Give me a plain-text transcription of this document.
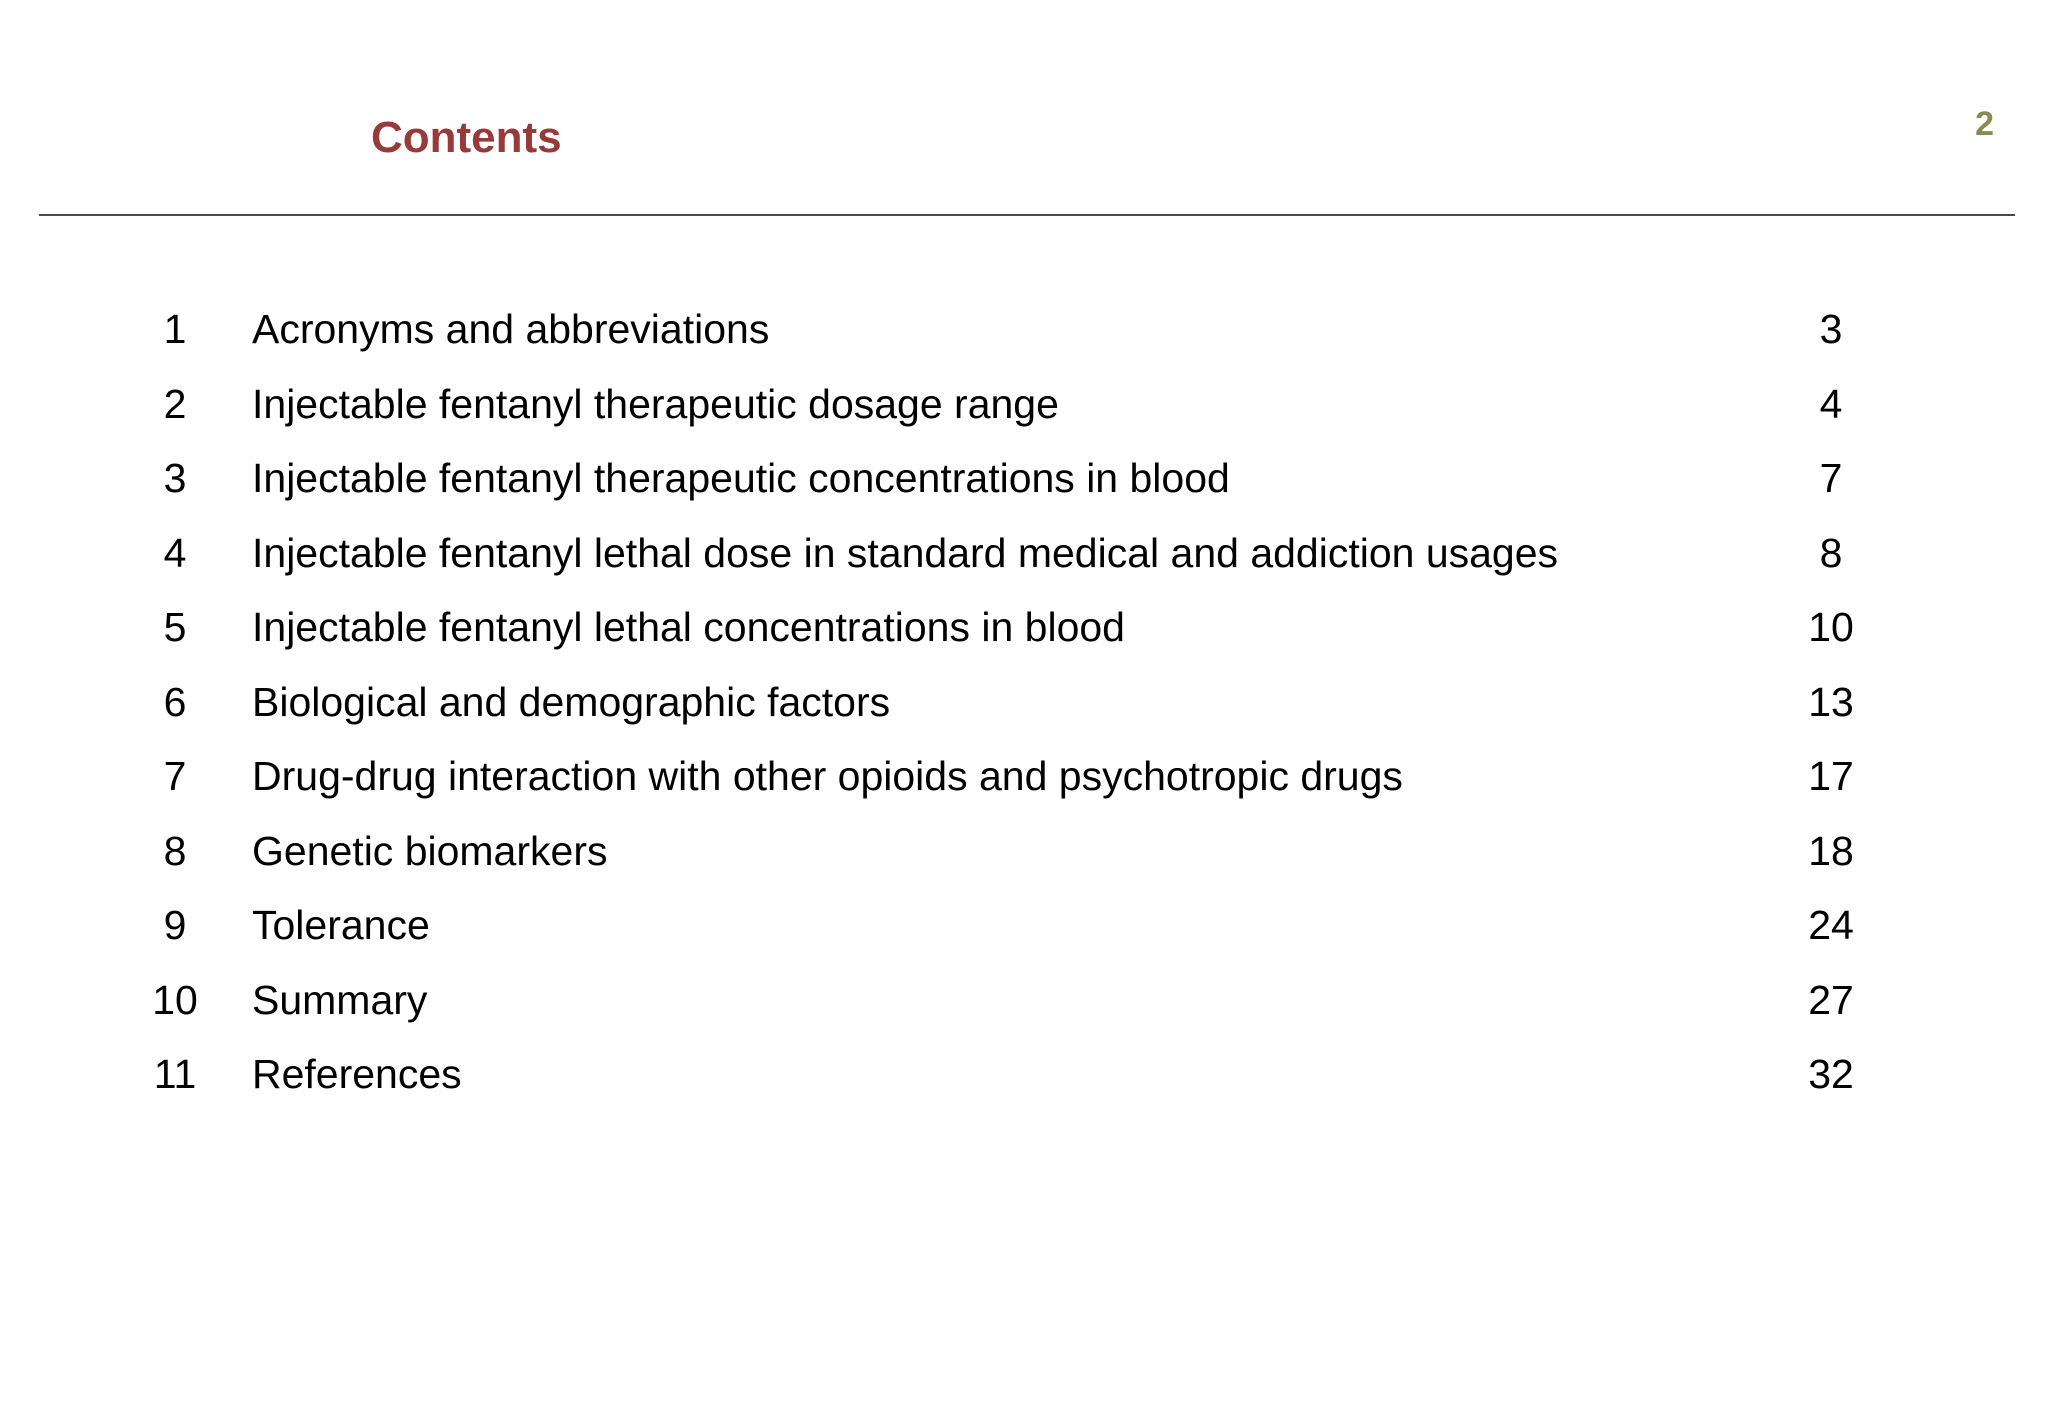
Contents	2
1	Acronyms and abbreviations	3
2	Injectable fentanyl therapeutic dosage range	4
3	Injectable fentanyl therapeutic concentrations in blood	7
4	Injectable fentanyl lethal dose in standard medical and addiction usages	8
5	Injectable fentanyl lethal concentrations in blood	10
6	Biological and demographic factors	13
7	Drug-drug interaction with other opioids and psychotropic drugs	17
8	Genetic biomarkers	18
9	Tolerance	24
10	Summary	27
11	References	32
